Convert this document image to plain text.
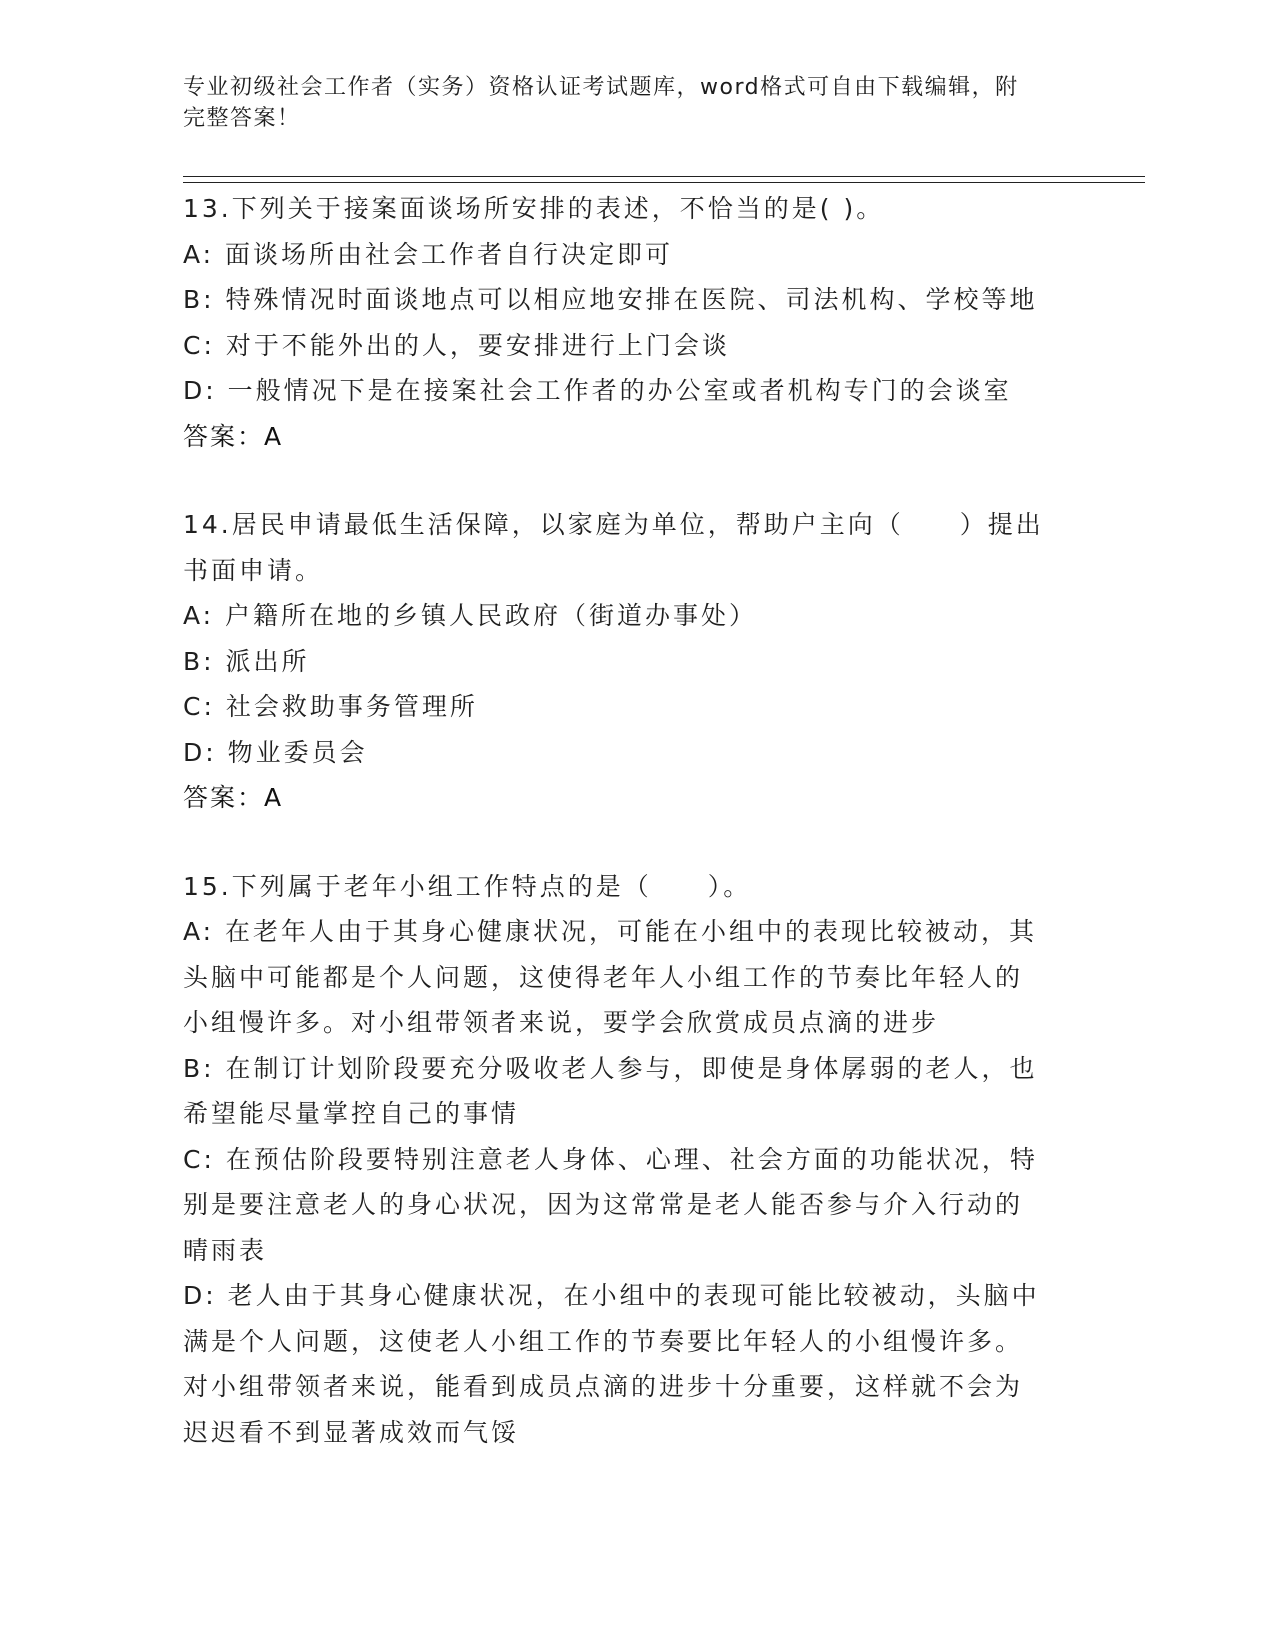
专业初级社会工作者（实务）资格认证考试题库，word格式可自由下载编辑，附
完整答案！
13.下列关于接案面谈场所安排的表述，不恰当的是( )。
A: 面谈场所由社会工作者自行决定即可
B: 特殊情况时面谈地点可以相应地安排在医院、司法机构、学校等地
C: 对于不能外出的人，要安排进行上门会谈
D: 一般情况下是在接案社会工作者的办公室或者机构专门的会谈室
答案：A
14.居民申请最低生活保障，以家庭为单位，帮助户主向（　　）提出
书面申请。
A: 户籍所在地的乡镇人民政府（街道办事处）
B: 派出所
C: 社会救助事务管理所
D: 物业委员会
答案：A
15.下列属于老年小组工作特点的是（　　）。
A: 在老年人由于其身心健康状况，可能在小组中的表现比较被动，其
头脑中可能都是个人问题，这使得老年人小组工作的节奏比年轻人的
小组慢许多。对小组带领者来说，要学会欣赏成员点滴的进步
B: 在制订计划阶段要充分吸收老人参与，即使是身体孱弱的老人，也
希望能尽量掌控自己的事情
C: 在预估阶段要特别注意老人身体、心理、社会方面的功能状况，特
别是要注意老人的身心状况，因为这常常是老人能否参与介入行动的
晴雨表
D: 老人由于其身心健康状况，在小组中的表现可能比较被动，头脑中
满是个人问题，这使老人小组工作的节奏要比年轻人的小组慢许多。
对小组带领者来说，能看到成员点滴的进步十分重要，这样就不会为
迟迟看不到显著成效而气馁
